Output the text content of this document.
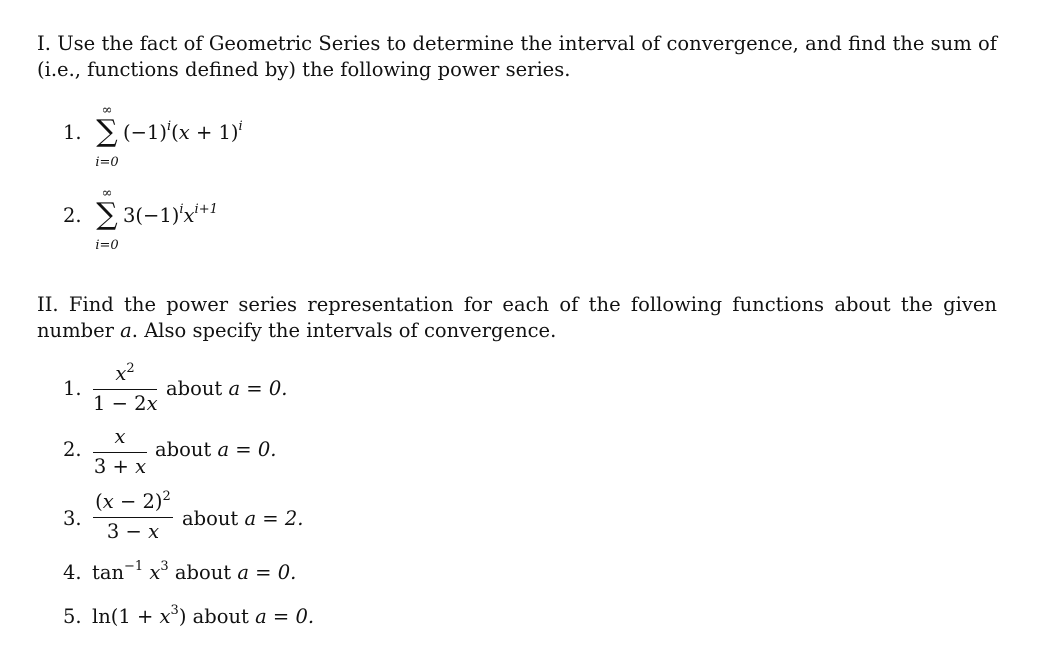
I. Use the fact of Geometric Series to determine the interval of convergence, and find the sum of (i.e., functions defined by) the following power series.
1.
∞
∑
i=0
$(-1)^i(x + 1)^i$
2.
∞
∑
i=0
$3(-1)^ix^{i+1}$
II. Find the power series representation for each of the following functions about the given number a. Also specify the intervals of convergence.
1.
$x^2$
1 − 2x
about a = 0.
2.
x
3 + x
about a = 0.
3.
$(x - 2)^2$
3 − x
about a = 2.
4. $\tan^{-1} x^3$ about a = 0.
5. $\ln(1 + x^3)$ about a = 0.
